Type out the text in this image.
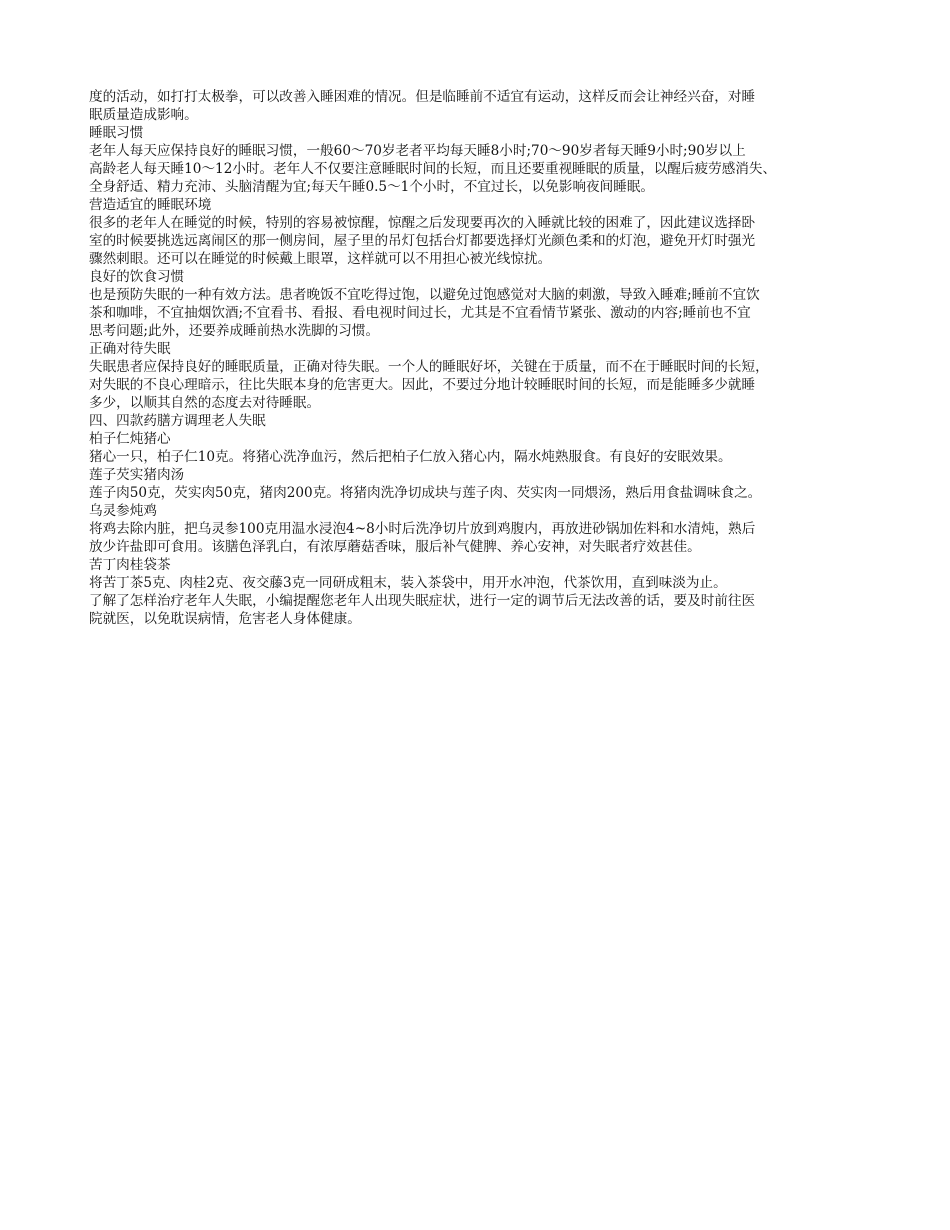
度的活动，如打打太极拳，可以改善入睡困难的情况。但是临睡前不适宜有运动，这样反而会让神经兴奋，对睡
眠质量造成影响。
睡眠习惯
老年人每天应保持良好的睡眠习惯，一般60～70岁老者平均每天睡8小时;70～90岁者每天睡9小时;90岁以上
高龄老人每天睡10～12小时。老年人不仅要注意睡眠时间的长短，而且还要重视睡眠的质量，以醒后疲劳感消失、
全身舒适、精力充沛、头脑清醒为宜;每天午睡0.5～1个小时，不宜过长，以免影响夜间睡眠。
营造适宜的睡眠环境
很多的老年人在睡觉的时候，特别的容易被惊醒，惊醒之后发现要再次的入睡就比较的困难了，因此建议选择卧
室的时候要挑选远离闹区的那一侧房间，屋子里的吊灯包括台灯都要选择灯光颜色柔和的灯泡，避免开灯时强光
骤然刺眼。还可以在睡觉的时候戴上眼罩，这样就可以不用担心被光线惊扰。
良好的饮食习惯
也是预防失眠的一种有效方法。患者晚饭不宜吃得过饱，以避免过饱感觉对大脑的刺激，导致入睡难;睡前不宜饮
茶和咖啡，不宜抽烟饮酒;不宜看书、看报、看电视时间过长，尤其是不宜看情节紧张、激动的内容;睡前也不宜
思考问题;此外，还要养成睡前热水洗脚的习惯。
正确对待失眠
失眠患者应保持良好的睡眠质量，正确对待失眠。一个人的睡眠好坏，关键在于质量，而不在于睡眠时间的长短，
对失眠的不良心理暗示，往比失眠本身的危害更大。因此，不要过分地计较睡眠时间的长短，而是能睡多少就睡
多少，以顺其自然的态度去对待睡眠。
四、四款药膳方调理老人失眠
柏子仁炖猪心
猪心一只，柏子仁10克。将猪心洗净血污，然后把柏子仁放入猪心内，隔水炖熟服食。有良好的安眠效果。
莲子芡实猪肉汤
莲子肉50克，芡实肉50克，猪肉200克。将猪肉洗净切成块与莲子肉、芡实肉一同煨汤，熟后用食盐调味食之。
乌灵参炖鸡
将鸡去除内脏，把乌灵参100克用温水浸泡4~8小时后洗净切片放到鸡腹内，再放进砂锅加佐料和水清炖，熟后
放少许盐即可食用。该膳色泽乳白，有浓厚蘑菇香味，服后补气健脾、养心安神，对失眠者疗效甚佳。
苦丁肉桂袋茶
将苦丁茶5克、肉桂2克、夜交藤3克一同研成粗末，装入茶袋中，用开水冲泡，代茶饮用，直到味淡为止。
了解了怎样治疗老年人失眠，小编提醒您老年人出现失眠症状，进行一定的调节后无法改善的话，要及时前往医
院就医，以免耽误病情，危害老人身体健康。
